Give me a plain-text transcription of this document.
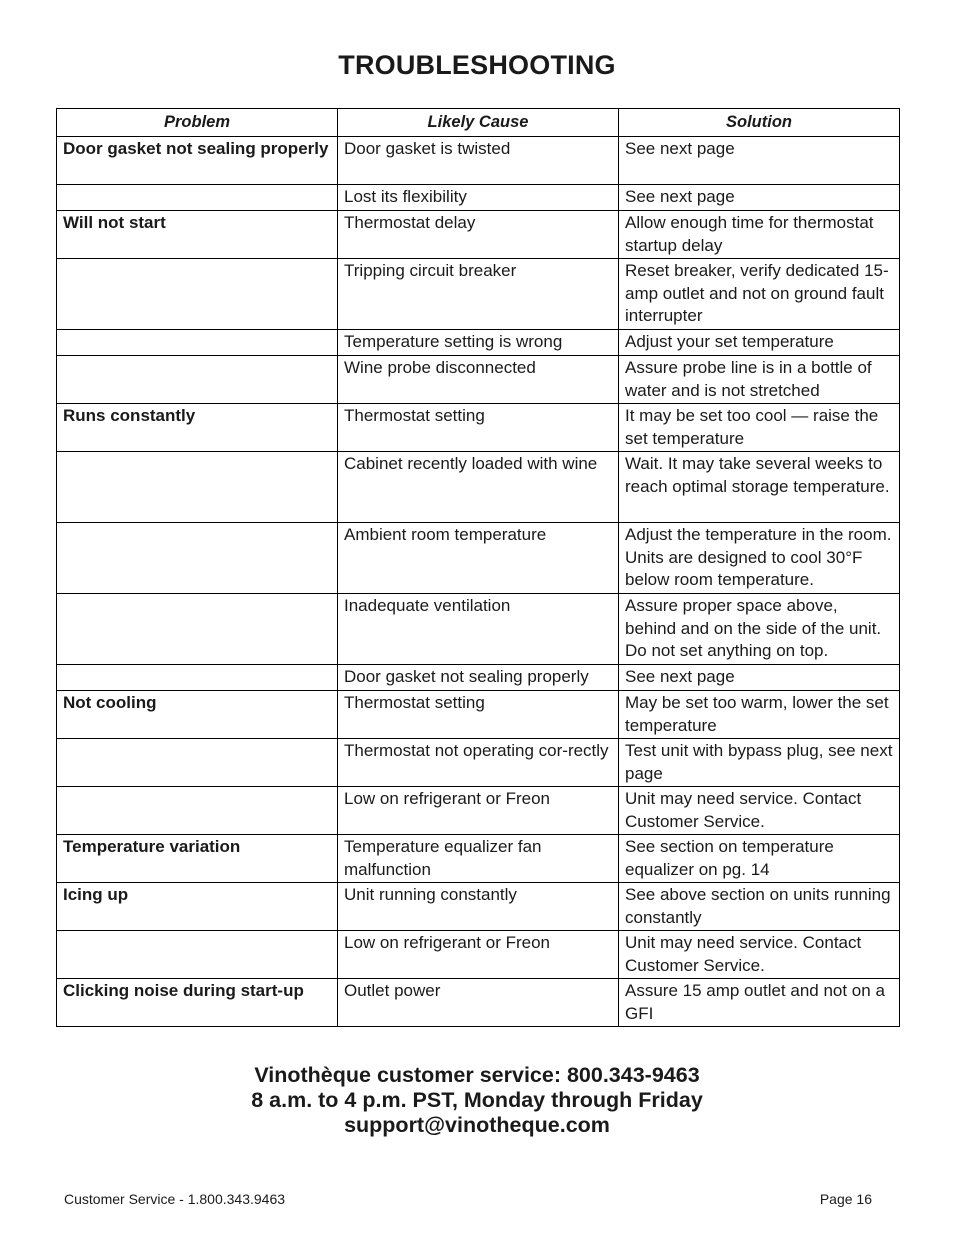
TROUBLESHOOTING
Problem	Likely Cause	Solution
Door gasket not sealing properly	Door gasket is twisted	See next page
	Lost its flexibility	See next page
Will not start	Thermostat delay	Allow enough time for thermostat startup delay
	Tripping circuit breaker	Reset breaker, verify dedicated 15-amp outlet and not on ground fault interrupter
	Temperature setting is wrong	Adjust your set temperature
	Wine probe disconnected	Assure probe line is in a bottle of water and is not stretched
Runs constantly	Thermostat setting	It may be set too cool — raise the set temperature
	Cabinet recently loaded with wine	Wait. It may take several weeks to reach optimal storage temperature.
	Ambient room temperature	Adjust the temperature in the room. Units are designed to cool 30°F below room temperature.
	Inadequate ventilation	Assure proper space above, behind and on the side of the unit. Do not set anything on top.
	Door gasket not sealing properly	See next page
Not cooling	Thermostat setting	May be set too warm, lower the set temperature
	Thermostat not operating cor-rectly	Test unit with bypass plug, see next page
	Low on refrigerant or Freon	Unit may need service. Contact Customer Service.
Temperature variation	Temperature equalizer fan malfunction	See section on temperature equalizer on pg. 14
Icing up	Unit running constantly	See above section on units running constantly
	Low on refrigerant or Freon	Unit may need service. Contact Customer Service.
Clicking noise during start-up	Outlet power	Assure 15 amp outlet and not on a GFI
Vinothèque customer service: 800.343-9463
8 a.m. to 4 p.m. PST, Monday through Friday
support@vinotheque.com
Customer Service - 1.800.343.9463	Page 16
